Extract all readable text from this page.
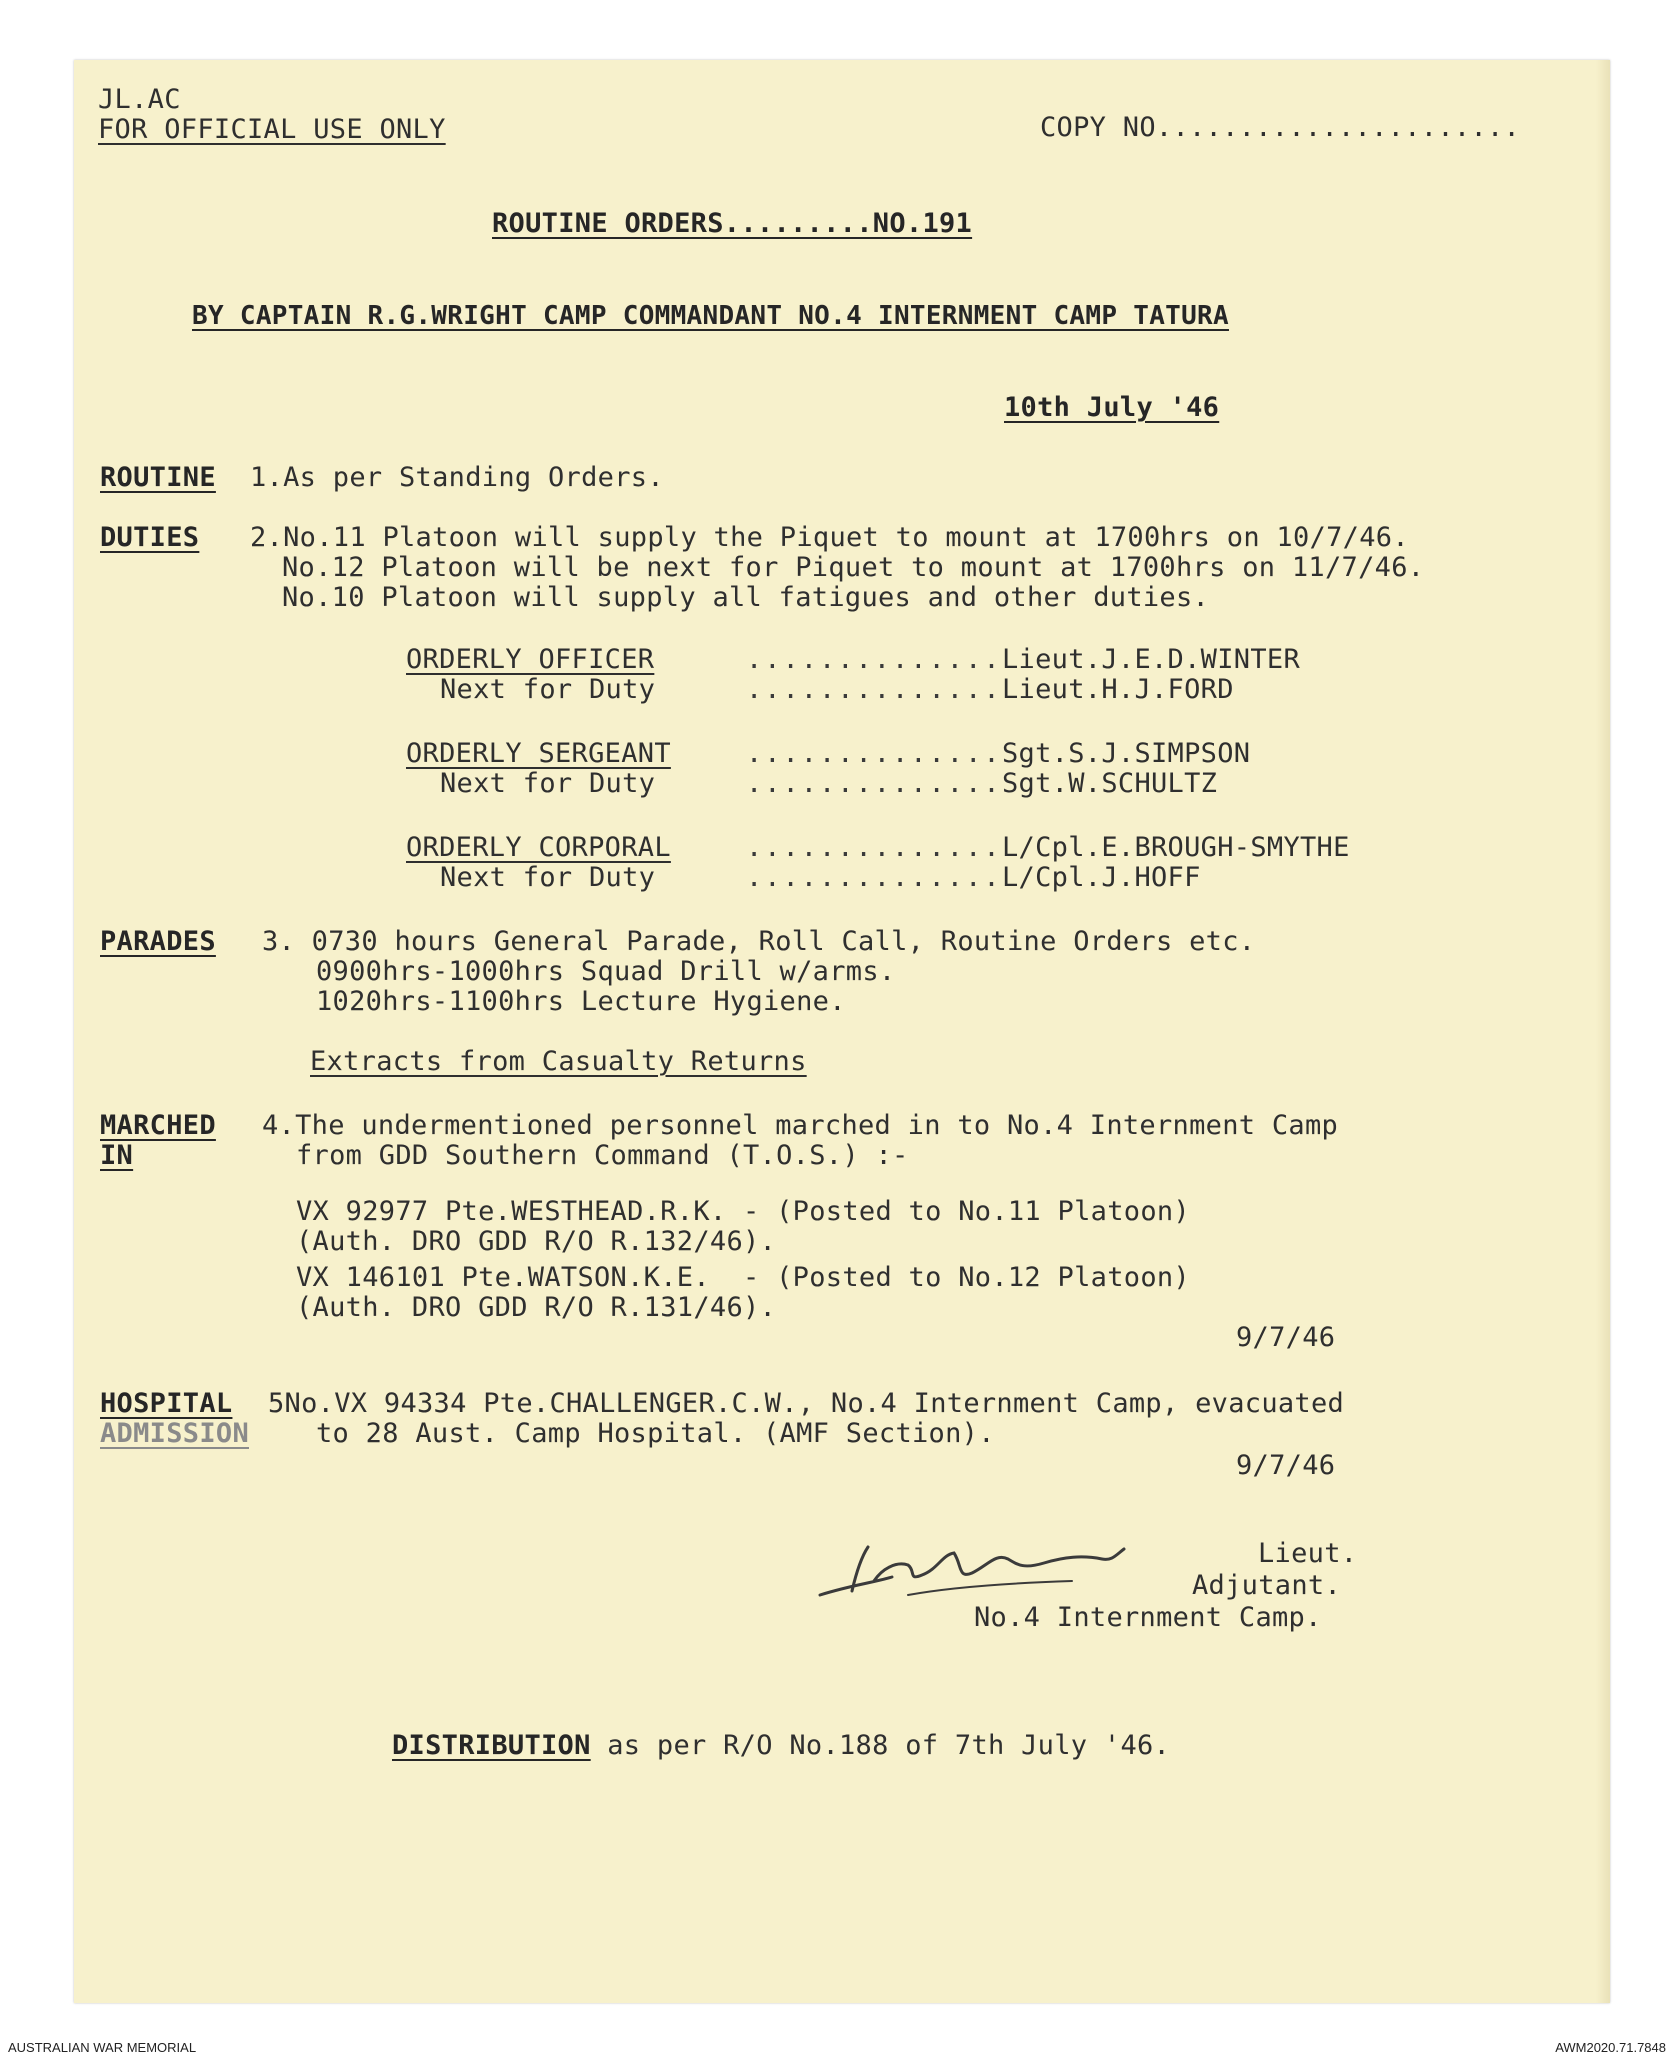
JL.AC
FOR OFFICIAL USE ONLY	COPY NO......................
ROUTINE ORDERS.........NO.191
BY CAPTAIN R.G.WRIGHT CAMP COMMANDANT NO.4 INTERNMENT CAMP TATURA
10th July '46
ROUTINE 1.As per Standing Orders.
DUTIES 2.No.11 Platoon will supply the Piquet to mount at 1700hrs on 10/7/46.
No.12 Platoon will be next for Piquet to mount at 1700hrs on 11/7/46.
No.10 Platoon will supply all fatigues and other duties.
ORDERLY OFFICER	.............. Lieut.J.E.D.WINTER
Next for Duty	.............. Lieut.H.J.FORD
ORDERLY SERGEANT	.............. Sgt.S.J.SIMPSON
Next for Duty	.............. Sgt.W.SCHULTZ
ORDERLY CORPORAL	.............. L/Cpl.E.BROUGH-SMYTHE
Next for Duty	.............. L/Cpl.J.HOFF
PARADES 3. 0730 hours General Parade, Roll Call, Routine Orders etc.
0900hrs-1000hrs Squad Drill w/arms.
1020hrs-1100hrs Lecture Hygiene.
Extracts from Casualty Returns
MARCHED
IN
4.The undermentioned personnel marched in to No.4 Internment Camp
from GDD Southern Command (T.O.S.) :-
VX 92977 Pte.WESTHEAD.R.K. - (Posted to No.11 Platoon)
(Auth. DRO GDD R/O R.132/46).
VX 146101 Pte.WATSON.K.E.  - (Posted to No.12 Platoon)
(Auth. DRO GDD R/O R.131/46).
9/7/46
HOSPITAL
ADMISSION
5No.VX 94334 Pte.CHALLENGER.C.W., No.4 Internment Camp, evacuated
to 28 Aust. Camp Hospital. (AMF Section).
9/7/46
Lieut.
Adjutant.
No.4 Internment Camp.
DISTRIBUTION as per R/O No.188 of 7th July '46.
AUSTRALIAN WAR MEMORIAL	AWM2020.71.7848
